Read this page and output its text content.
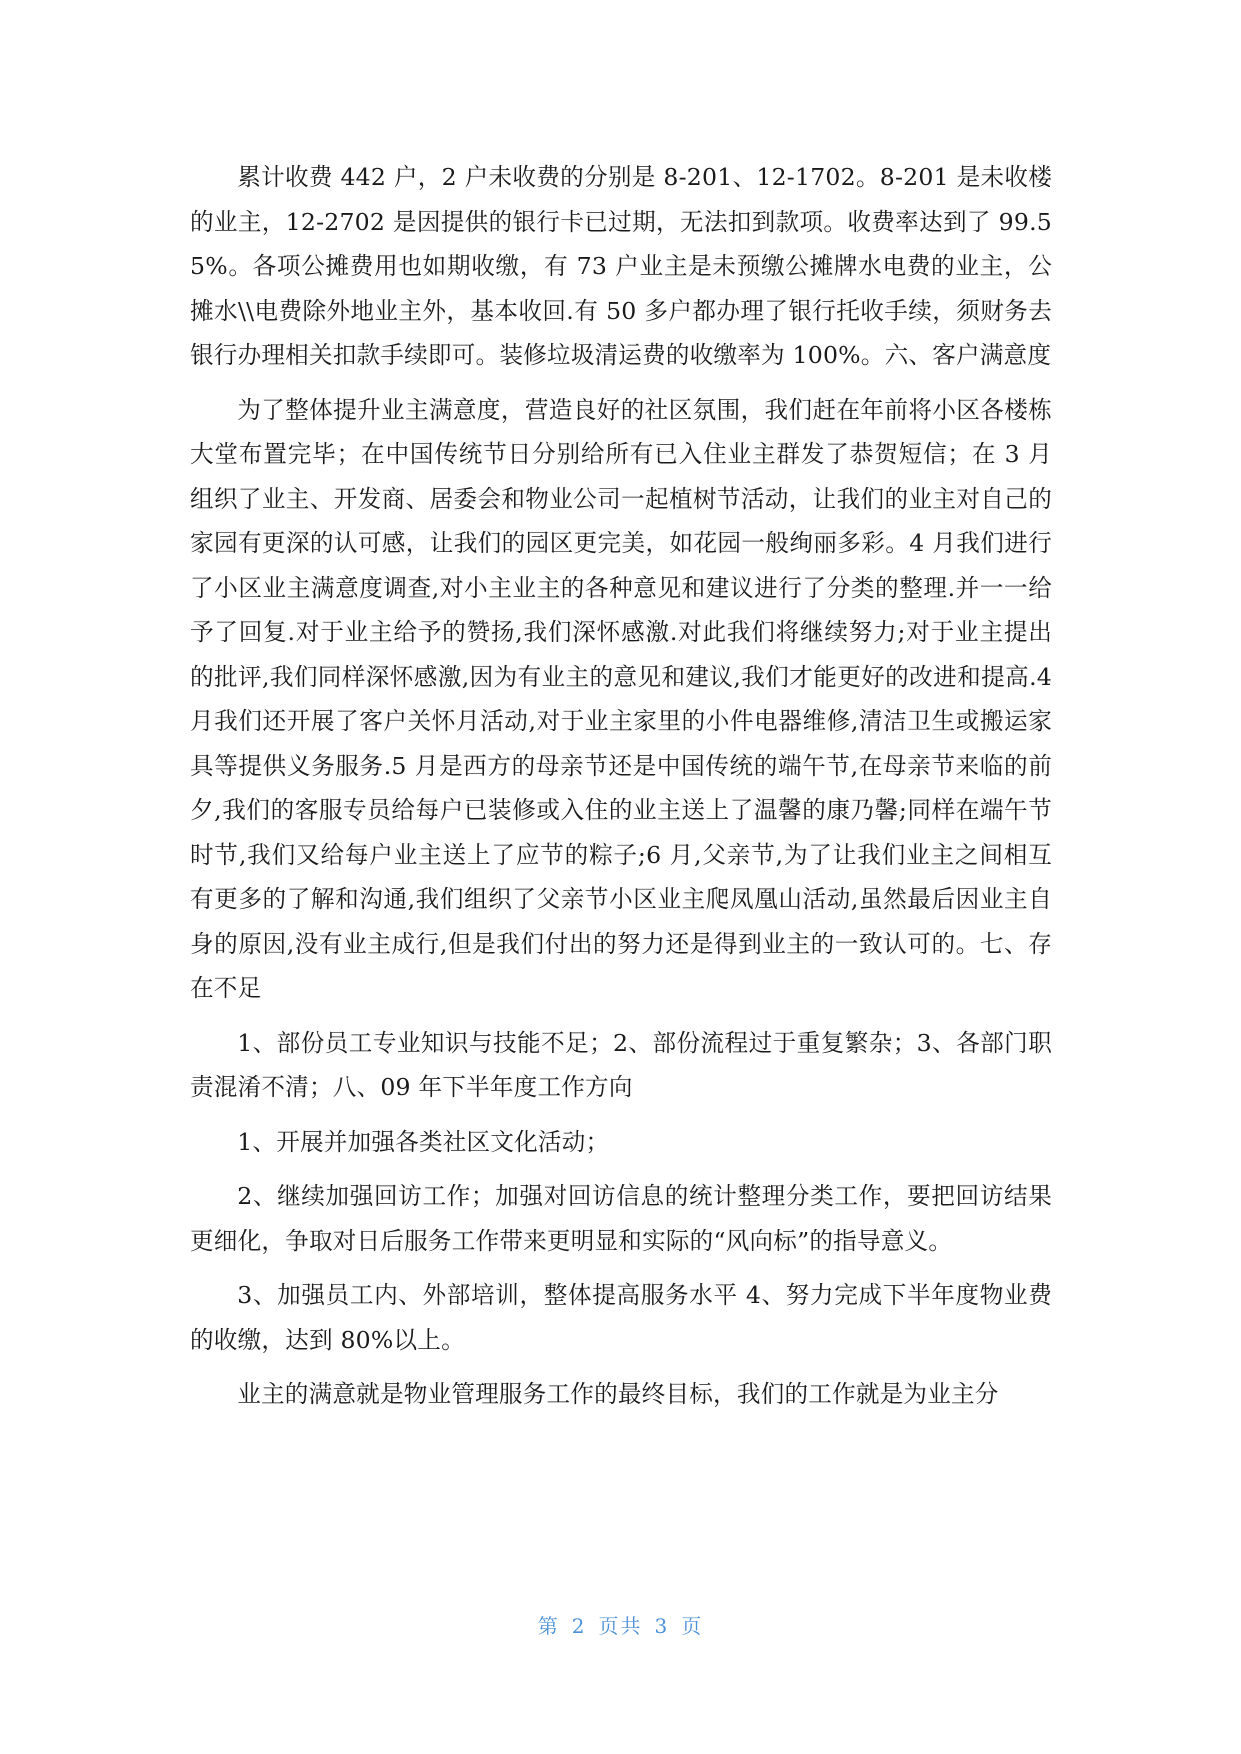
累计收费 442 户，2 户未收费的分别是 8-201、12-1702。8-201 是未收楼的业主，12-2702 是因提供的银行卡已过期，无法扣到款项。收费率达到了 99.55%。各项公摊费用也如期收缴，有 73 户业主是未预缴公摊牌水电费的业主，公摊水\\电费除外地业主外，基本收回.有 50 多户都办理了银行托收手续，须财务去银行办理相关扣款手续即可。装修垃圾清运费的收缴率为 100%。六、客户满意度

为了整体提升业主满意度，营造良好的社区氛围，我们赶在年前将小区各楼栋大堂布置完毕；在中国传统节日分别给所有已入住业主群发了恭贺短信；在 3 月组织了业主、开发商、居委会和物业公司一起植树节活动，让我们的业主对自己的家园有更深的认可感，让我们的园区更完美，如花园一般绚丽多彩。4 月我们进行了小区业主满意度调查,对小主业主的各种意见和建议进行了分类的整理.并一一给予了回复.对于业主给予的赞扬,我们深怀感激.对此我们将继续努力;对于业主提出的批评,我们同样深怀感激,因为有业主的意见和建议,我们才能更好的改进和提高.4 月我们还开展了客户关怀月活动,对于业主家里的小件电器维修,清洁卫生或搬运家具等提供义务服务.5 月是西方的母亲节还是中国传统的端午节,在母亲节来临的前夕,我们的客服专员给每户已装修或入住的业主送上了温馨的康乃馨;同样在端午节时节,我们又给每户业主送上了应节的粽子;6 月,父亲节,为了让我们业主之间相互有更多的了解和沟通,我们组织了父亲节小区业主爬凤凰山活动,虽然最后因业主自身的原因,没有业主成行,但是我们付出的努力还是得到业主的一致认可的。七、存在不足

1、部份员工专业知识与技能不足；2、部份流程过于重复繁杂；3、各部门职责混淆不清；八、09 年下半年度工作方向

1、开展并加强各类社区文化活动；

2、继续加强回访工作；加强对回访信息的统计整理分类工作，要把回访结果更细化，争取对日后服务工作带来更明显和实际的“风向标”的指导意义。

3、加强员工内、外部培训，整体提高服务水平 4、努力完成下半年度物业费的收缴，达到 80%以上。

业主的满意就是物业管理服务工作的最终目标，我们的工作就是为业主分

第 2 页共 3 页
